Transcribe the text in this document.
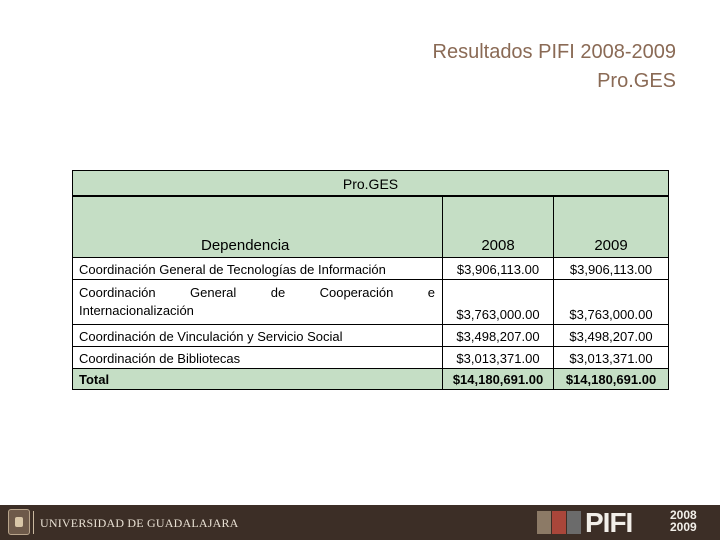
Resultados PIFI 2008-2009
Pro.GES
Pro.GES
Dependencia	2008	2009
Coordinación General de Tecnologías de Información	$3,906,113.00	$3,906,113.00
Coordinación General de Cooperación e
Internacionalización	$3,763,000.00	$3,763,000.00
Coordinación de Vinculación y Servicio Social	$3,498,207.00	$3,498,207.00
Coordinación de Bibliotecas	$3,013,371.00	$3,013,371.00
Total	$14,180,691.00	$14,180,691.00
UNIVERSIDAD DE GUADALAJARA	PIFI	2008
2009
